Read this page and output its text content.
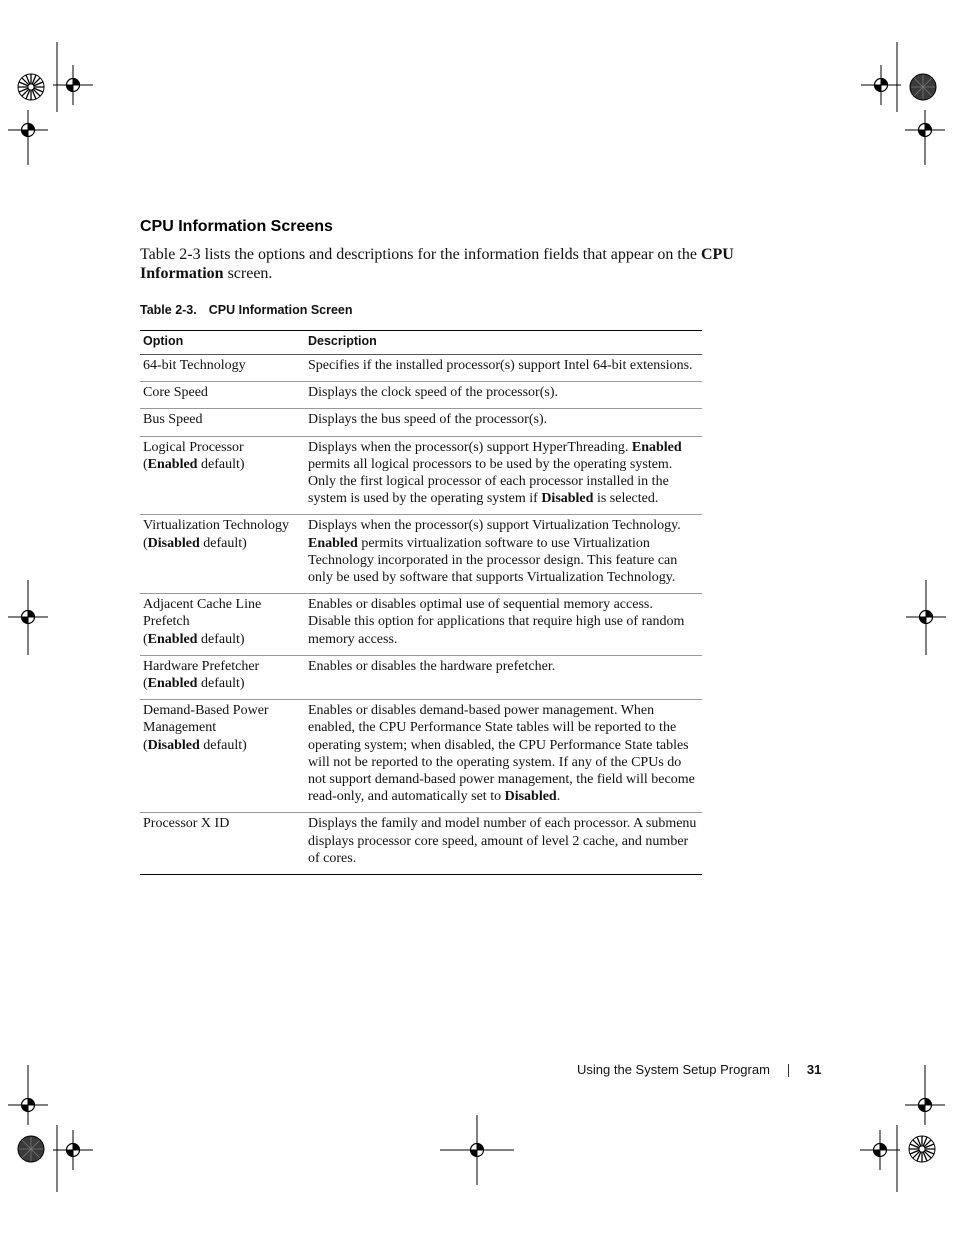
CPU Information Screens

Table 2-3 lists the options and descriptions for the information fields that appear on the CPU Information screen.

Table 2-3. CPU Information Screen

Option	Description
64-bit Technology	Specifies if the installed processor(s) support Intel 64-bit extensions.
Core Speed	Displays the clock speed of the processor(s).
Bus Speed	Displays the bus speed of the processor(s).
Logical Processor
(Enabled default)	Displays when the processor(s) support HyperThreading. Enabled permits all logical processors to be used by the operating system. Only the first logical processor of each processor installed in the system is used by the operating system if Disabled is selected.
Virtualization Technology
(Disabled default)	Displays when the processor(s) support Virtualization Technology. Enabled permits virtualization software to use Virtualization Technology incorporated in the processor design. This feature can only be used by software that supports Virtualization Technology.
Adjacent Cache Line Prefetch
(Enabled default)	Enables or disables optimal use of sequential memory access. Disable this option for applications that require high use of random memory access.
Hardware Prefetcher
(Enabled default)	Enables or disables the hardware prefetcher.
Demand-Based Power Management
(Disabled default)	Enables or disables demand-based power management. When enabled, the CPU Performance State tables will be reported to the operating system; when disabled, the CPU Performance State tables will not be reported to the operating system. If any of the CPUs do not support demand-based power management, the field will become read-only, and automatically set to Disabled.
Processor X ID	Displays the family and model number of each processor. A submenu displays processor core speed, amount of level 2 cache, and number of cores.
Using the System Setup Program	31
